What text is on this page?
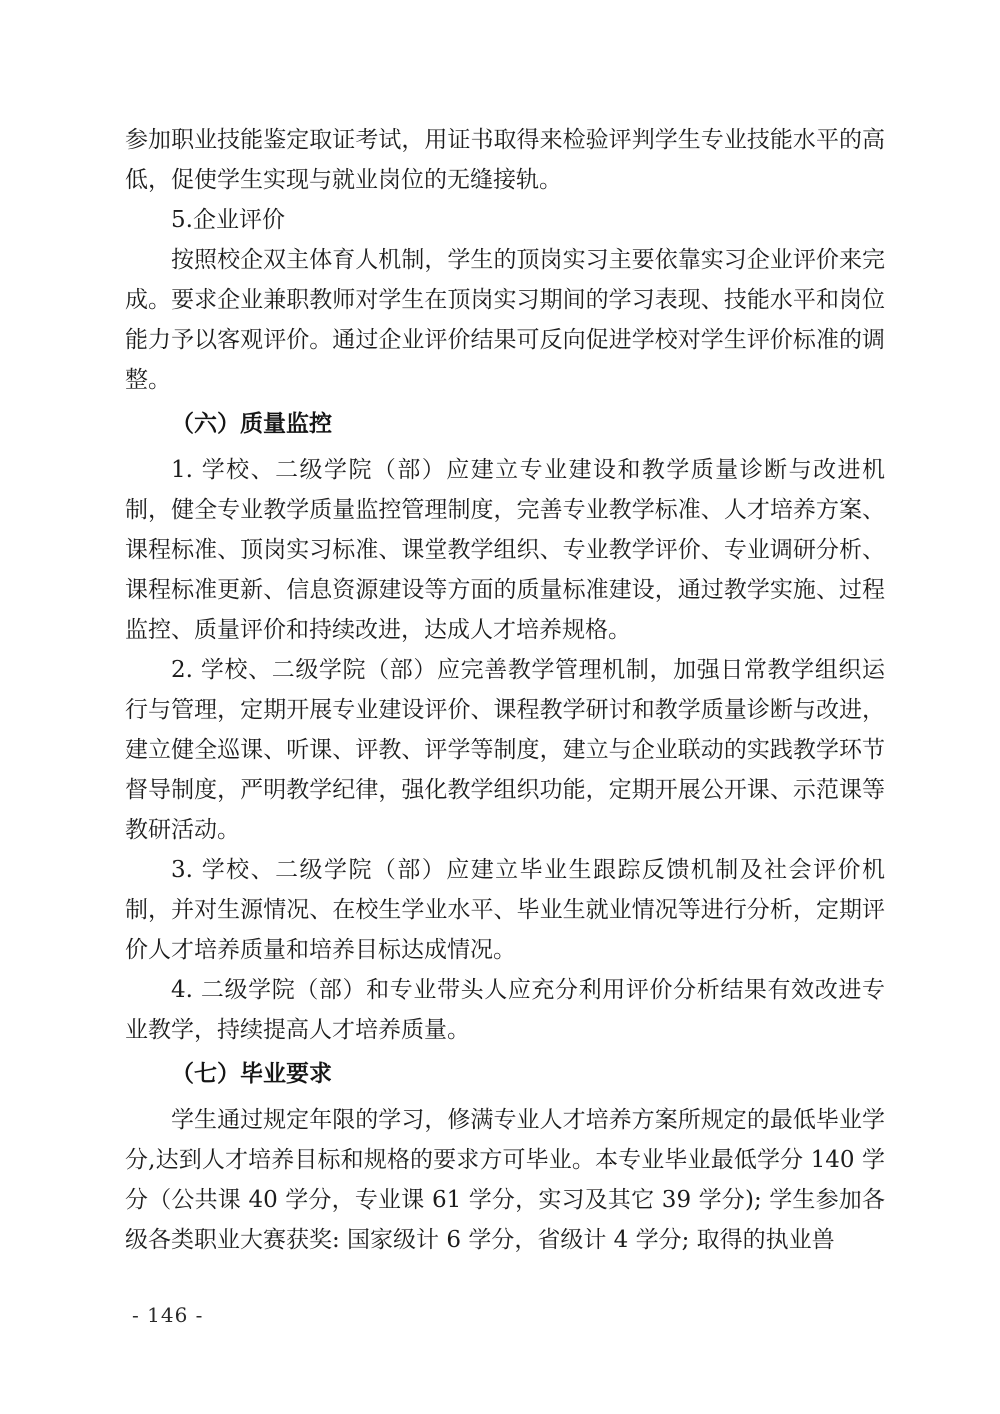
参加职业技能鉴定取证考试，用证书取得来检验评判学生专业技能水平的高低，促使学生实现与就业岗位的无缝接轨。
5.企业评价
按照校企双主体育人机制，学生的顶岗实习主要依靠实习企业评价来完成。要求企业兼职教师对学生在顶岗实习期间的学习表现、技能水平和岗位能力予以客观评价。通过企业评价结果可反向促进学校对学生评价标准的调整。
（六）质量监控
1. 学校、二级学院（部）应建立专业建设和教学质量诊断与改进机制，健全专业教学质量监控管理制度，完善专业教学标准、人才培养方案、课程标准、顶岗实习标准、课堂教学组织、专业教学评价、专业调研分析、课程标准更新、信息资源建设等方面的质量标准建设，通过教学实施、过程监控、质量评价和持续改进，达成人才培养规格。
2. 学校、二级学院（部）应完善教学管理机制，加强日常教学组织运行与管理，定期开展专业建设评价、课程教学研讨和教学质量诊断与改进，建立健全巡课、听课、评教、评学等制度，建立与企业联动的实践教学环节督导制度，严明教学纪律，强化教学组织功能，定期开展公开课、示范课等教研活动。
3. 学校、二级学院（部）应建立毕业生跟踪反馈机制及社会评价机制，并对生源情况、在校生学业水平、毕业生就业情况等进行分析，定期评价人才培养质量和培养目标达成情况。
4. 二级学院（部）和专业带头人应充分利用评价分析结果有效改进专业教学，持续提高人才培养质量。
（七）毕业要求
学生通过规定年限的学习，修满专业人才培养方案所规定的最低毕业学分,达到人才培养目标和规格的要求方可毕业。本专业毕业最低学分 140 学分（公共课 40 学分，专业课 61 学分，实习及其它 39 学分); 学生参加各级各类职业大赛获奖: 国家级计 6 学分，省级计 4 学分; 取得的执业兽
- 146 -
